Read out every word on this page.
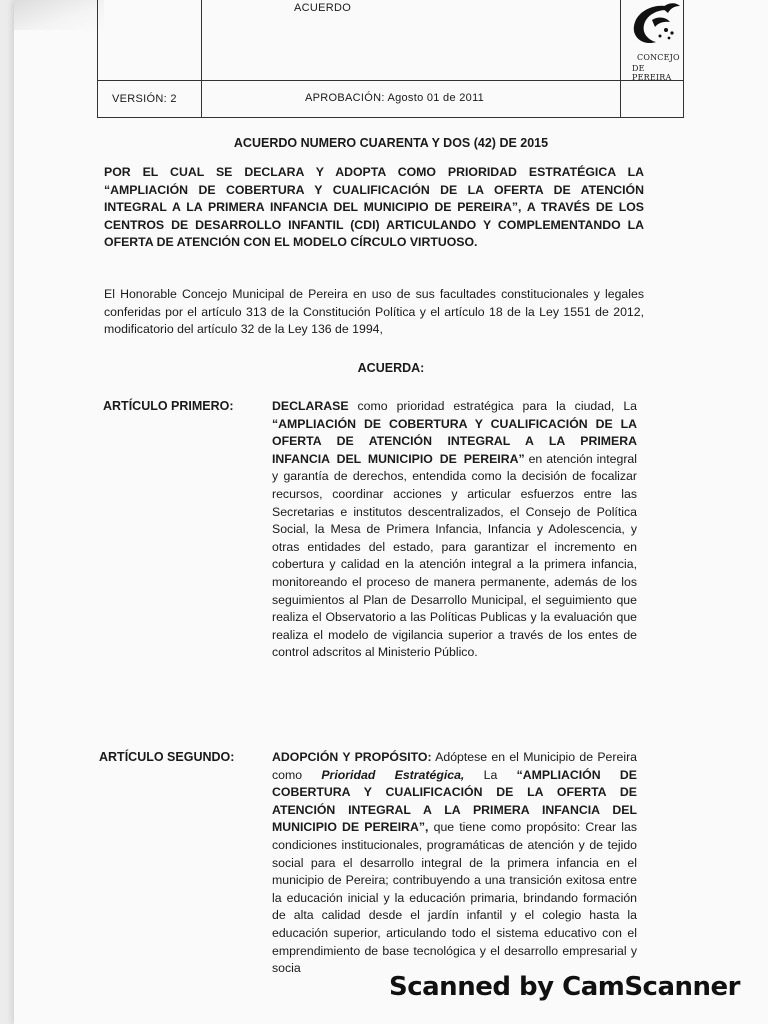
ACUERDO
VERSIÓN: 2	APROBACIÓN: Agosto 01 de 2011
CONCEJO
DE PEREIRA
ACUERDO NUMERO CUARENTA Y DOS (42) DE 2015
POR EL CUAL SE DECLARA Y ADOPTA COMO PRIORIDAD ESTRATÉGICA LA “AMPLIACIÓN DE COBERTURA Y CUALIFICACIÓN DE LA OFERTA DE ATENCIÓN INTEGRAL A LA PRIMERA INFANCIA DEL MUNICIPIO DE PEREIRA”, A TRAVÉS DE LOS CENTROS DE DESARROLLO INFANTIL (CDI) ARTICULANDO Y COMPLEMENTANDO LA OFERTA DE ATENCIÓN CON EL MODELO CÍRCULO VIRTUOSO.
El Honorable Concejo Municipal de Pereira en uso de sus facultades constitucionales y legales conferidas por el artículo 313 de la Constitución Política y el artículo 18 de la Ley 1551 de 2012, modificatorio del artículo 32 de la Ley 136 de 1994,
ACUERDA:
ARTÍCULO PRIMERO:	DECLARASE como prioridad estratégica para la ciudad, La “AMPLIACIÓN DE COBERTURA Y CUALIFICACIÓN DE LA OFERTA DE ATENCIÓN INTEGRAL A LA PRIMERA INFANCIA DEL MUNICIPIO DE PEREIRA” en atención integral y garantía de derechos, entendida como la decisión de focalizar recursos, coordinar acciones y articular esfuerzos entre las Secretarias e institutos descentralizados, el Consejo de Política Social, la Mesa de Primera Infancia, Infancia y Adolescencia, y otras entidades del estado, para garantizar el incremento en cobertura y calidad en la atención integral a la primera infancia, monitoreando el proceso de manera permanente, además de los seguimientos al Plan de Desarrollo Municipal, el seguimiento que realiza el Observatorio a las Políticas Publicas y la evaluación que realiza el modelo de vigilancia superior a través de los entes de control adscritos al Ministerio Público.
ARTÍCULO SEGUNDO:	ADOPCIÓN Y PROPÓSITO: Adóptese en el Municipio de Pereira como Prioridad Estratégica, La “AMPLIACIÓN DE COBERTURA Y CUALIFICACIÓN DE LA OFERTA DE ATENCIÓN INTEGRAL A LA PRIMERA INFANCIA DEL MUNICIPIO DE PEREIRA”, que tiene como propósito: Crear las condiciones institucionales, programáticas de atención y de tejido social para el desarrollo integral de la primera infancia en el municipio de Pereira; contribuyendo a una transición exitosa entre la educación inicial y la educación primaria, brindando formación de alta calidad desde el jardín infantil y el colegio hasta la educación superior, articulando todo el sistema educativo con el emprendimiento de base tecnológica y el desarrollo empresarial y socia
Scanned by CamScanner
